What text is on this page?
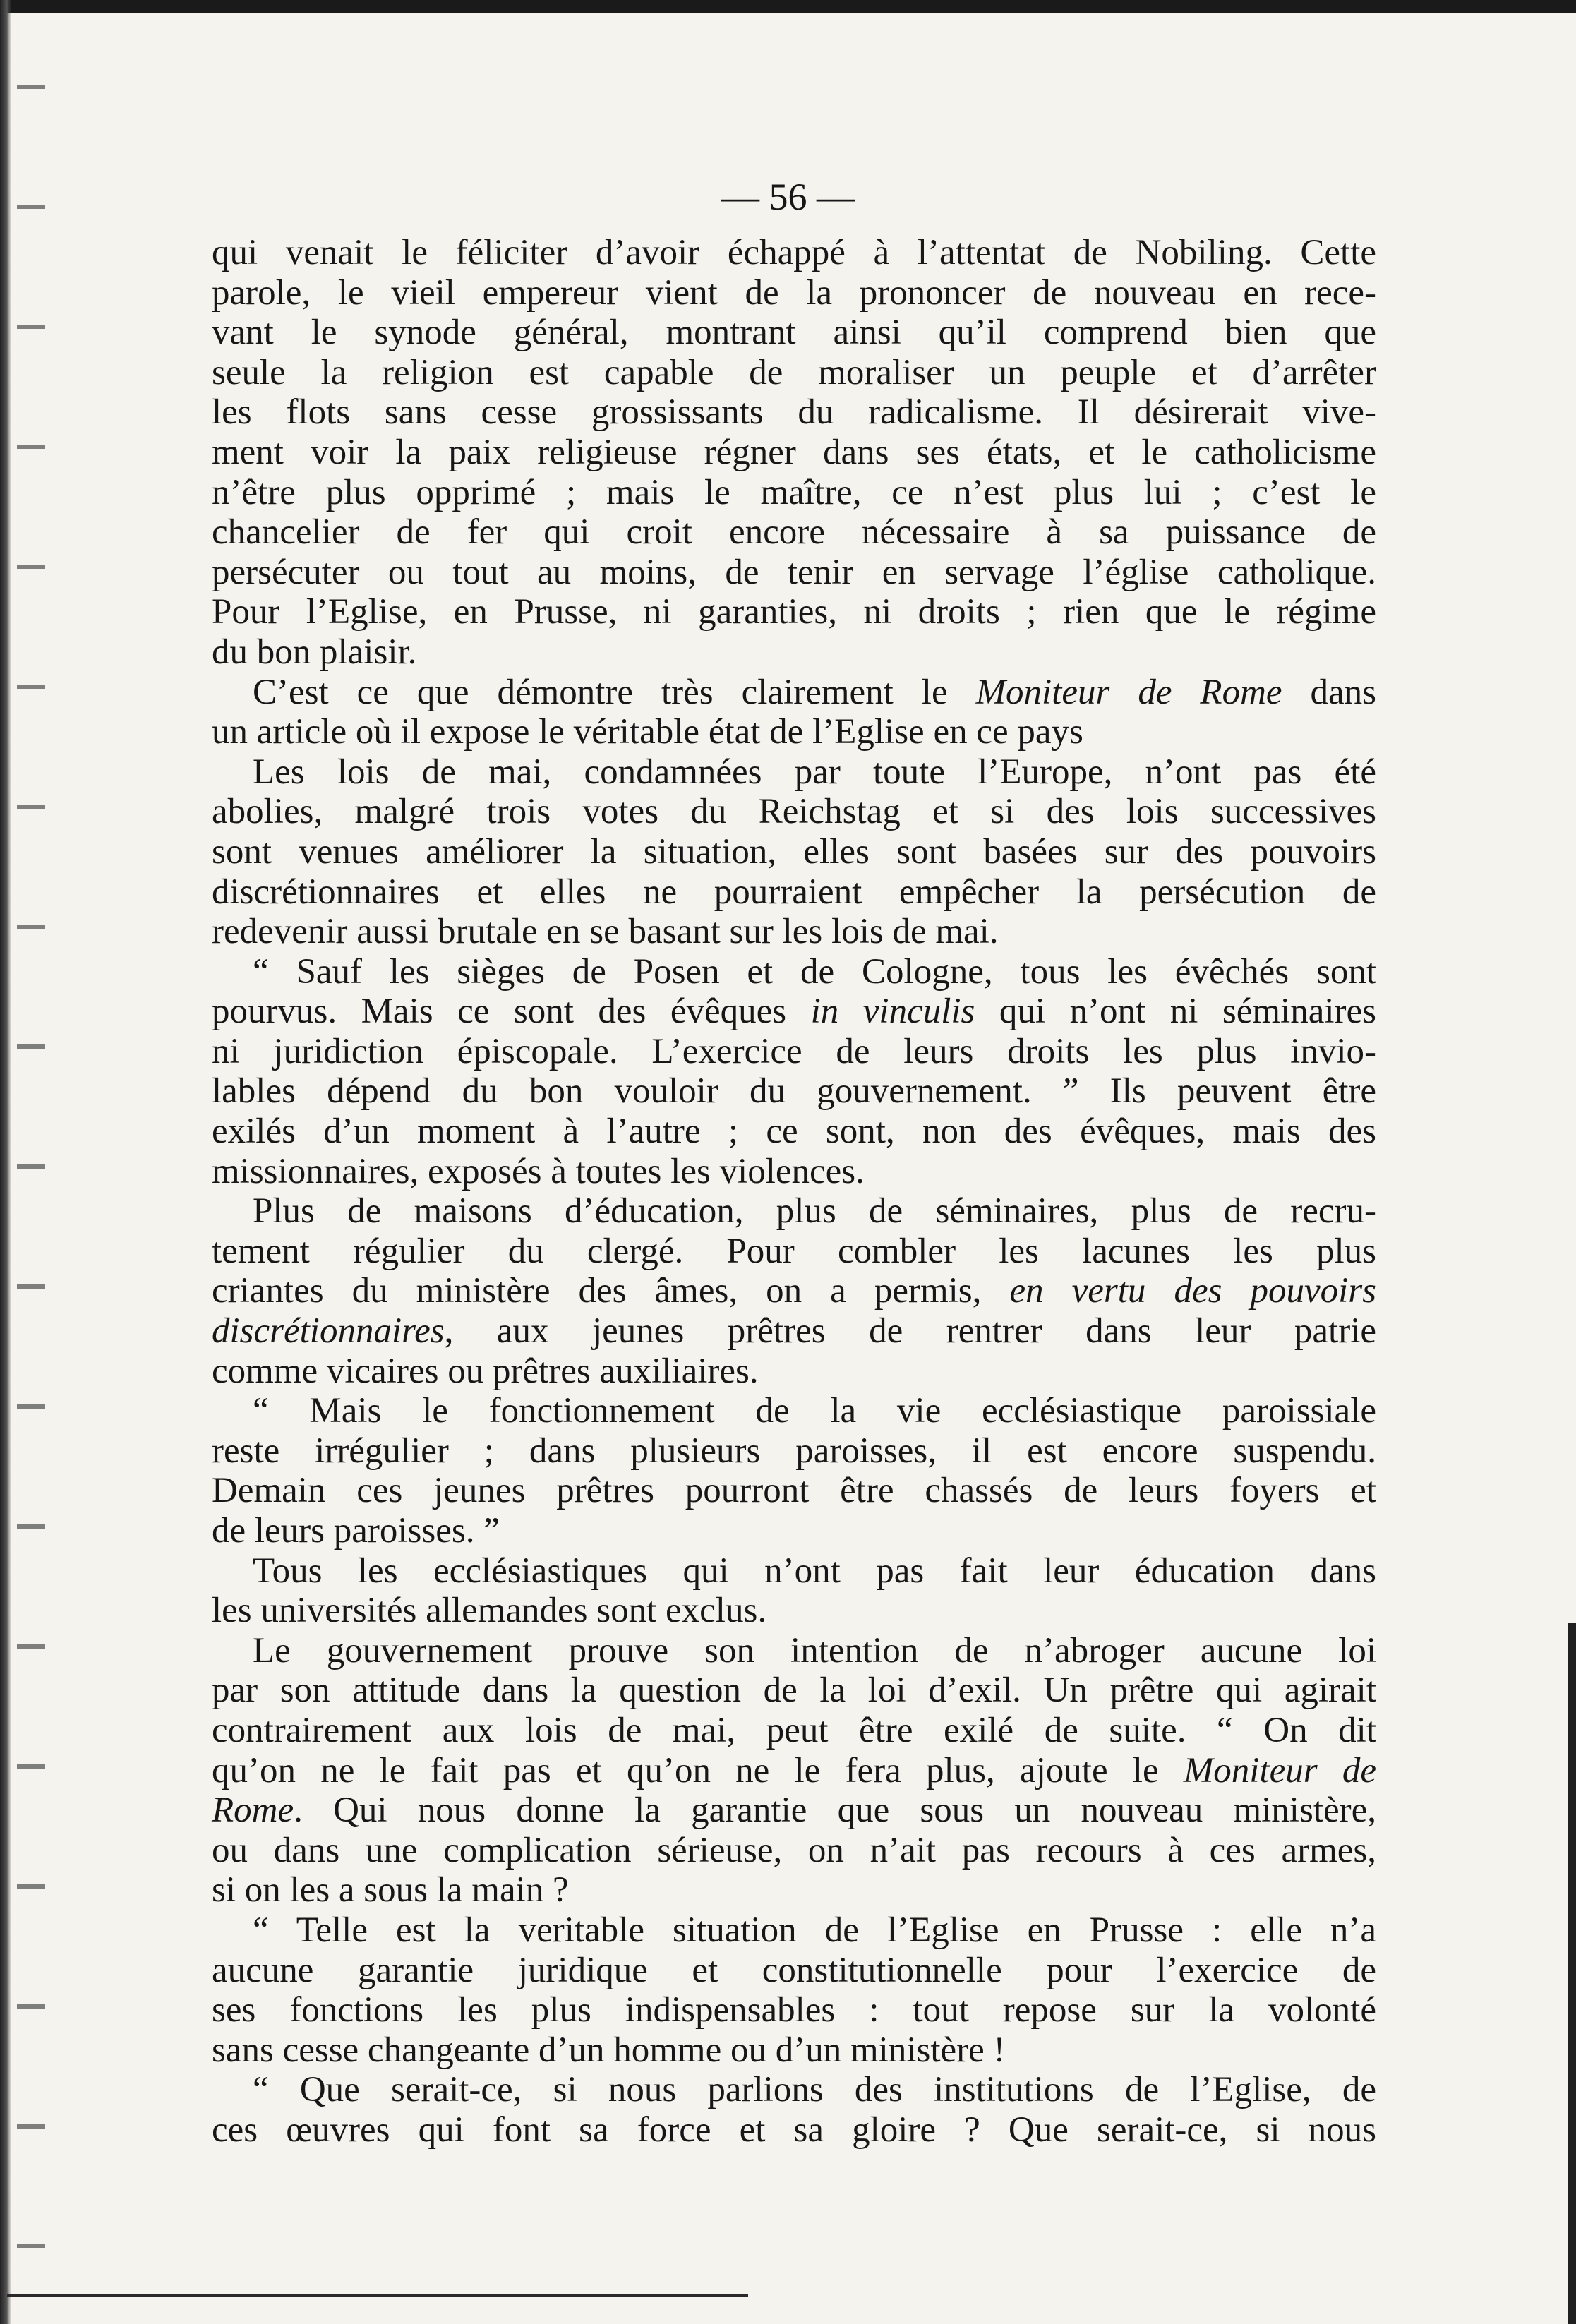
— 56 —

qui venait le féliciter d’avoir échappé à l’attentat de Nobiling. Cette

parole, le vieil empereur vient de la prononcer de nouveau en rece-

vant le synode général, montrant ainsi qu’il comprend bien que

seule la religion est capable de moraliser un peuple et d’arrêter

les flots sans cesse grossissants du radicalisme. Il désirerait vive-

ment voir la paix religieuse régner dans ses états, et le catholicisme

n’être plus opprimé ; mais le maître, ce n’est plus lui ; c’est le

chancelier de fer qui croit encore nécessaire à sa puissance de

persécuter ou tout au moins, de tenir en servage l’église catholique.

Pour l’Eglise, en Prusse, ni garanties, ni droits ; rien que le régime

du bon plaisir.

C’est ce que démontre très clairement le Moniteur de Rome dans

un article où il expose le véritable état de l’Eglise en ce pays

Les lois de mai, condamnées par toute l’Europe, n’ont pas été

abolies, malgré trois votes du Reichstag et si des lois successives

sont venues améliorer la situation, elles sont basées sur des pouvoirs

discrétionnaires et elles ne pourraient empêcher la persécution de

redevenir aussi brutale en se basant sur les lois de mai.

“ Sauf les sièges de Posen et de Cologne, tous les évêchés sont

pourvus. Mais ce sont des évêques in vinculis qui n’ont ni séminaires

ni juridiction épiscopale. L’exercice de leurs droits les plus invio-

lables dépend du bon vouloir du gouvernement. ” Ils peuvent être

exilés d’un moment à l’autre ; ce sont, non des évêques, mais des

missionnaires, exposés à toutes les violences.

Plus de maisons d’éducation, plus de séminaires, plus de recru-

tement régulier du clergé. Pour combler les lacunes les plus

criantes du ministère des âmes, on a permis, en vertu des pouvoirs

discrétionnaires, aux jeunes prêtres de rentrer dans leur patrie

comme vicaires ou prêtres auxiliaires.

“ Mais le fonctionnement de la vie ecclésiastique paroissiale

reste irrégulier ; dans plusieurs paroisses, il est encore suspendu.

Demain ces jeunes prêtres pourront être chassés de leurs foyers et

de leurs paroisses. ”

Tous les ecclésiastiques qui n’ont pas fait leur éducation dans

les universités allemandes sont exclus.

Le gouvernement prouve son intention de n’abroger aucune loi

par son attitude dans la question de la loi d’exil. Un prêtre qui agirait

contrairement aux lois de mai, peut être exilé de suite. “ On dit

qu’on ne le fait pas et qu’on ne le fera plus, ajoute le Moniteur de

Rome. Qui nous donne la garantie que sous un nouveau ministère,

ou dans une complication sérieuse, on n’ait pas recours à ces armes,

si on les a sous la main ?

“ Telle est la veritable situation de l’Eglise en Prusse : elle n’a

aucune garantie juridique et constitutionnelle pour l’exercice de

ses fonctions les plus indispensables : tout repose sur la volonté

sans cesse changeante d’un homme ou d’un ministère !

“ Que serait-ce, si nous parlions des institutions de l’Eglise, de

ces œuvres qui font sa force et sa gloire ? Que serait-ce, si nous
